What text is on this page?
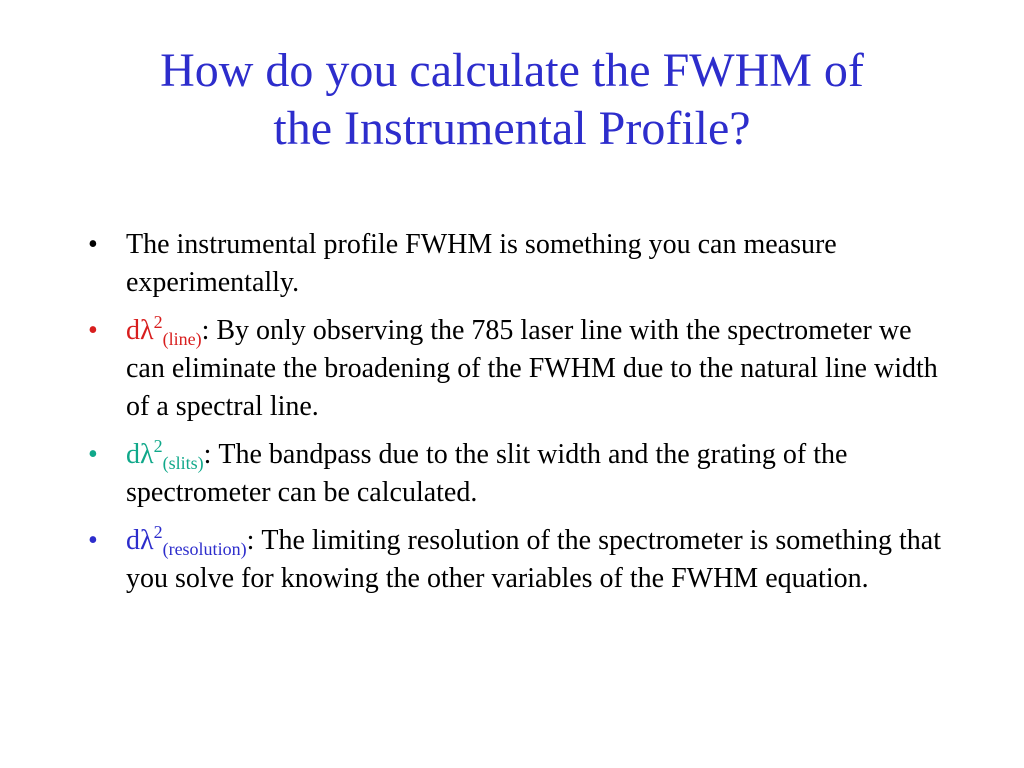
How do you calculate the FWHM of
the Instrumental Profile?
• The instrumental profile FWHM is something you can measure experimentally.
• $d\lambda^2_{(line)}$: By only observing the 785 laser line with the spectrometer we can eliminate the broadening of the FWHM due to the natural line width of a spectral line.
• $d\lambda^2_{(slits)}$: The bandpass due to the slit width and the grating of the spectrometer can be calculated.
• $d\lambda^2_{(resolution)}$: The limiting resolution of the spectrometer is something that you solve for knowing the other variables of the FWHM equation.
